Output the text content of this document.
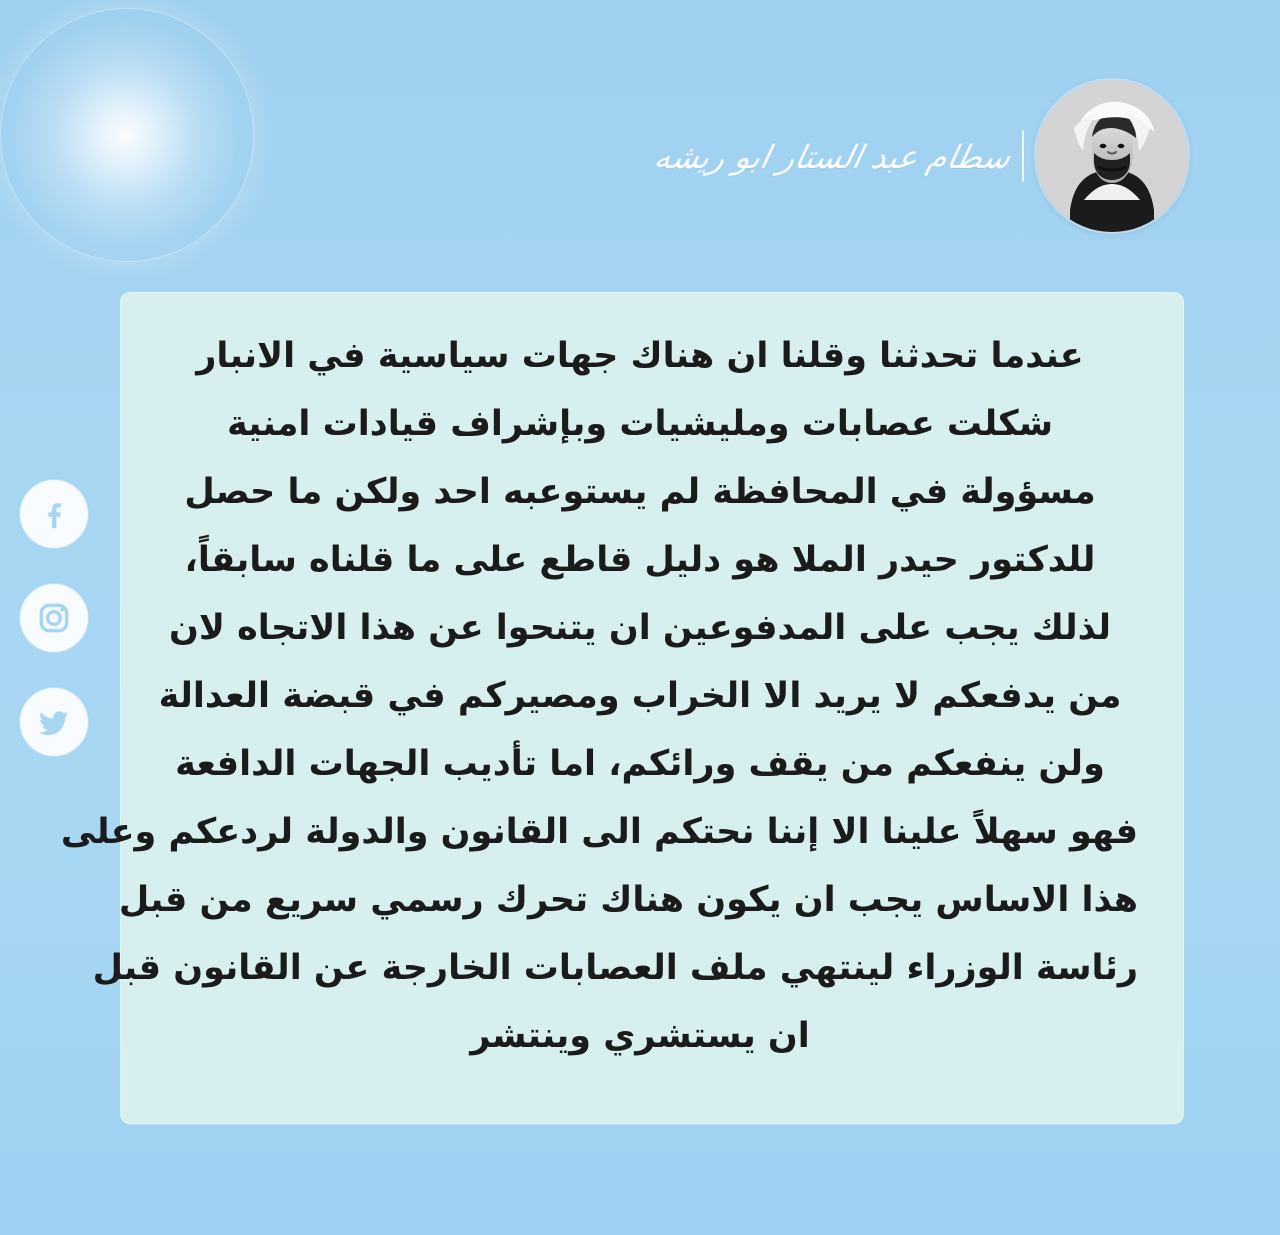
سطام عبد الستار ابو ريشه

عندما تحدثنا وقلنا ان هناك جهات سياسية في الانبار
شكلت عصابات ومليشيات وبإشراف قيادات امنية
مسؤولة في المحافظة لم يستوعبه احد ولكن ما حصل
للدكتور حيدر الملا هو دليل قاطع على ما قلناه سابقاً،
لذلك يجب على المدفوعين ان يتنحوا عن هذا الاتجاه لان
من يدفعكم لا يريد الا الخراب ومصيركم في قبضة العدالة
ولن ينفعكم من يقف ورائكم، اما تأديب الجهات الدافعة
فهو سهلاً علينا الا إننا نحتكم الى القانون والدولة لردعكم وعلى
هذا الاساس يجب ان يكون هناك تحرك رسمي سريع من قبل
رئاسة الوزراء لينتهي ملف العصابات الخارجة عن القانون قبل
ان يستشري وينتشر
